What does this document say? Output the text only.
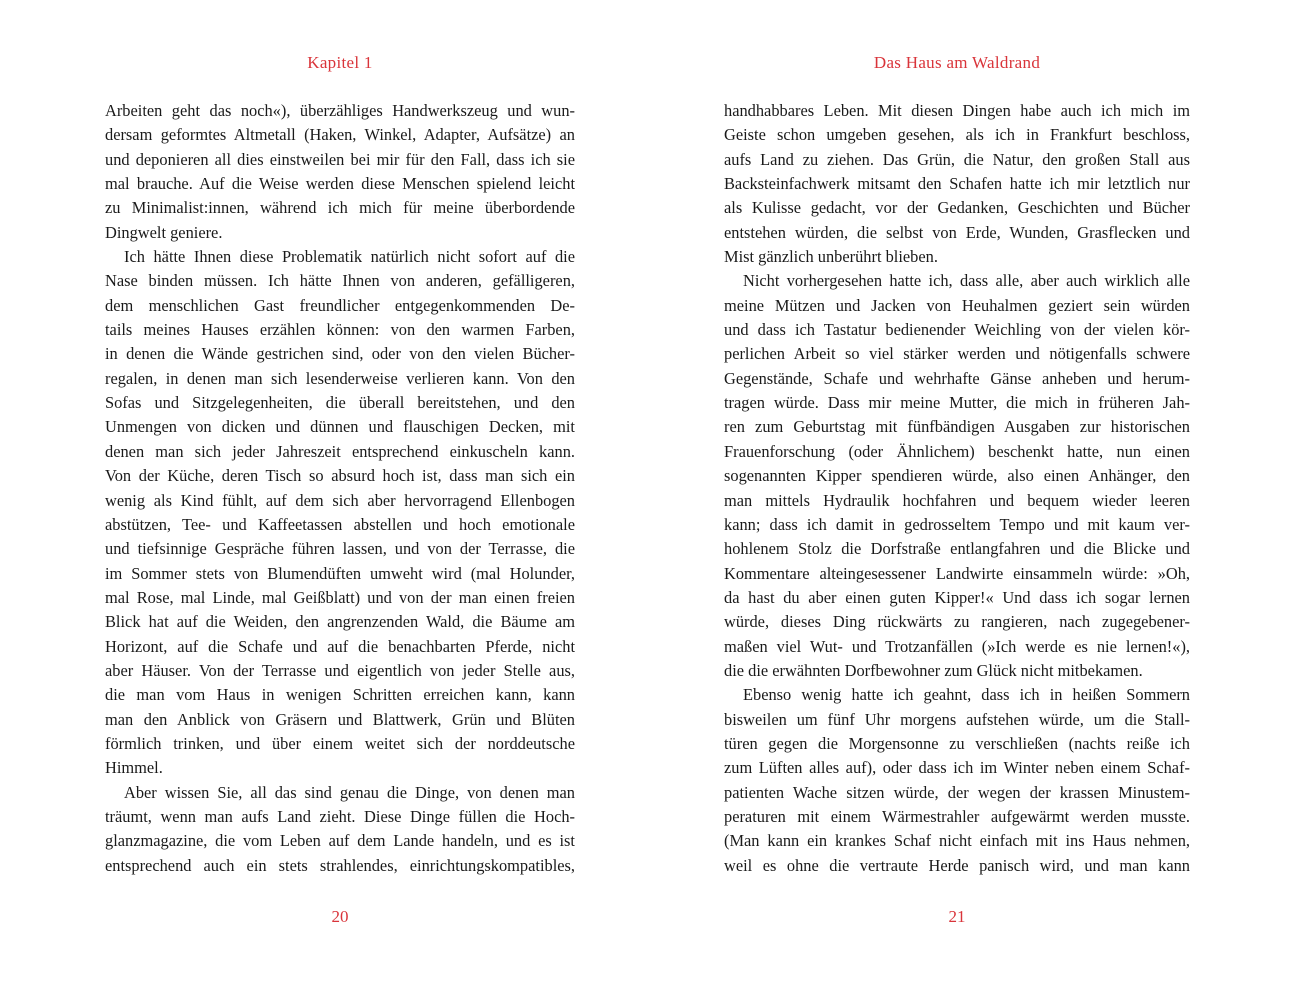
Kapitel 1
Arbeiten geht das noch«), überzähliges Handwerkszeug und wun-
dersam geformtes Altmetall (Haken, Winkel, Adapter, Aufsätze) an
und deponieren all dies einstweilen bei mir für den Fall, dass ich sie
mal brauche. Auf die Weise werden diese Menschen spielend leicht
zu Minimalist:innen, während ich mich für meine überbordende
Dingwelt geniere.
Ich hätte Ihnen diese Problematik natürlich nicht sofort auf die
Nase binden müssen. Ich hätte Ihnen von anderen, gefälligeren,
dem menschlichen Gast freundlicher entgegenkommenden De-
tails meines Hauses erzählen können: von den warmen Farben,
in denen die Wände gestrichen sind, oder von den vielen Bücher-
regalen, in denen man sich lesenderweise verlieren kann. Von den
Sofas und Sitzgelegenheiten, die überall bereitstehen, und den
Unmengen von dicken und dünnen und flauschigen Decken, mit
denen man sich jeder Jahreszeit entsprechend einkuscheln kann.
Von der Küche, deren Tisch so absurd hoch ist, dass man sich ein
wenig als Kind fühlt, auf dem sich aber hervorragend Ellenbogen
abstützen, Tee- und Kaffeetassen abstellen und hoch emotionale
und tiefsinnige Gespräche führen lassen, und von der Terrasse, die
im Sommer stets von Blumendüften umweht wird (mal Holunder,
mal Rose, mal Linde, mal Geißblatt) und von der man einen freien
Blick hat auf die Weiden, den angrenzenden Wald, die Bäume am
Horizont, auf die Schafe und auf die benachbarten Pferde, nicht
aber Häuser. Von der Terrasse und eigentlich von jeder Stelle aus,
die man vom Haus in wenigen Schritten erreichen kann, kann
man den Anblick von Gräsern und Blattwerk, Grün und Blüten
förmlich trinken, und über einem weitet sich der norddeutsche
Himmel.
Aber wissen Sie, all das sind genau die Dinge, von denen man
träumt, wenn man aufs Land zieht. Diese Dinge füllen die Hoch-
glanzmagazine, die vom Leben auf dem Lande handeln, und es ist
entsprechend auch ein stets strahlendes, einrichtungskompatibles,
20
Das Haus am Waldrand
handhabbares Leben. Mit diesen Dingen habe auch ich mich im
Geiste schon umgeben gesehen, als ich in Frankfurt beschloss,
aufs Land zu ziehen. Das Grün, die Natur, den großen Stall aus
Backsteinfachwerk mitsamt den Schafen hatte ich mir letztlich nur
als Kulisse gedacht, vor der Gedanken, Geschichten und Bücher
entstehen würden, die selbst von Erde, Wunden, Grasflecken und
Mist gänzlich unberührt blieben.
Nicht vorhergesehen hatte ich, dass alle, aber auch wirklich alle
meine Mützen und Jacken von Heuhalmen geziert sein würden
und dass ich Tastatur bedienender Weichling von der vielen kör-
perlichen Arbeit so viel stärker werden und nötigenfalls schwere
Gegenstände, Schafe und wehrhafte Gänse anheben und herum-
tragen würde. Dass mir meine Mutter, die mich in früheren Jah-
ren zum Geburtstag mit fünfbändigen Ausgaben zur historischen
Frauenforschung (oder Ähnlichem) beschenkt hatte, nun einen
sogenannten Kipper spendieren würde, also einen Anhänger, den
man mittels Hydraulik hochfahren und bequem wieder leeren
kann; dass ich damit in gedrosseltem Tempo und mit kaum ver-
hohlenem Stolz die Dorfstraße entlangfahren und die Blicke und
Kommentare alteingesessener Landwirte einsammeln würde: »Oh,
da hast du aber einen guten Kipper!« Und dass ich sogar lernen
würde, dieses Ding rückwärts zu rangieren, nach zugegebener-
maßen viel Wut- und Trotzanfällen (»Ich werde es nie lernen!«),
die die erwähnten Dorfbewohner zum Glück nicht mitbekamen.
Ebenso wenig hatte ich geahnt, dass ich in heißen Sommern
bisweilen um fünf Uhr morgens aufstehen würde, um die Stall-
türen gegen die Morgensonne zu verschließen (nachts reiße ich
zum Lüften alles auf), oder dass ich im Winter neben einem Schaf-
patienten Wache sitzen würde, der wegen der krassen Minustem-
peraturen mit einem Wärmestrahler aufgewärmt werden musste.
(Man kann ein krankes Schaf nicht einfach mit ins Haus nehmen,
weil es ohne die vertraute Herde panisch wird, und man kann
21
